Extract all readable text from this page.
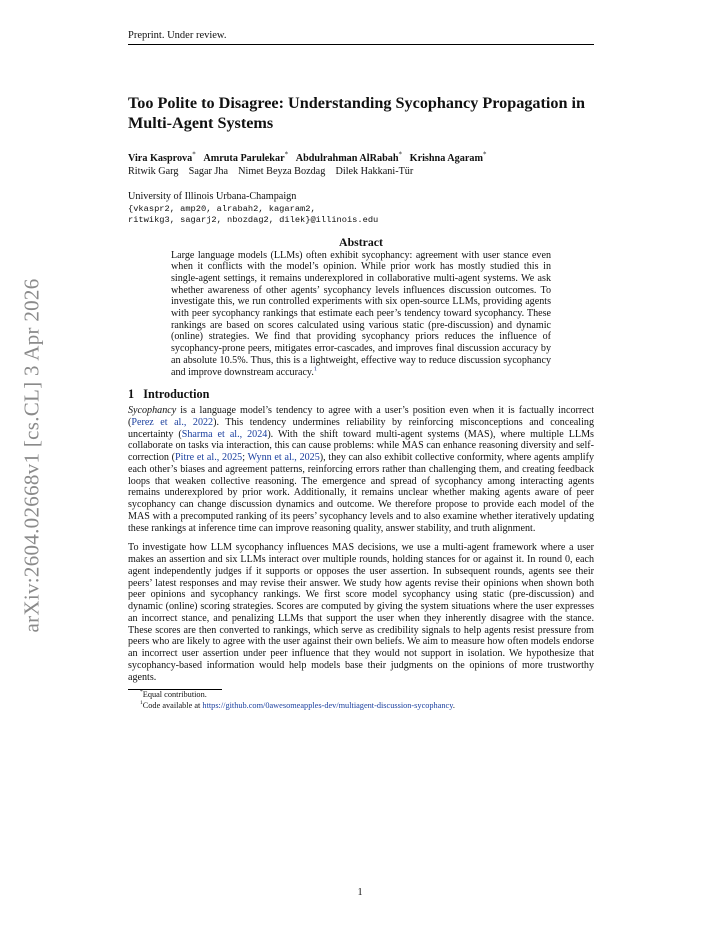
arXiv:2604.02668v1 [cs.CL] 3 Apr 2026
Preprint. Under review.
Too Polite to Disagree: Understanding Sycophancy Propagation in Multi-Agent Systems
Vira Kasprova* Amruta Parulekar* Abdulrahman AlRabah* Krishna Agaram*
Ritwik Garg Sagar Jha Nimet Beyza Bozdag Dilek Hakkani-Tür
University of Illinois Urbana-Champaign
{vkaspr2, amp20, alrabah2, kagaram2,
ritwikg3, sagarj2, nbozdag2, dilek}@illinois.edu
Abstract
Large language models (LLMs) often exhibit sycophancy: agreement with user stance even when it conflicts with the model’s opinion. While prior work has mostly studied this in single-agent settings, it remains underexplored in collaborative multi-agent systems. We ask whether awareness of other agents’ sycophancy levels influences discussion outcomes. To investigate this, we run controlled experiments with six open-source LLMs, providing agents with peer sycophancy rankings that estimate each peer’s tendency toward sycophancy. These rankings are based on scores calculated using various static (pre-discussion) and dynamic (online) strategies. We find that providing sycophancy priors reduces the influence of sycophancy-prone peers, mitigates error-cascades, and improves final discussion accuracy by an absolute 10.5%. Thus, this is a lightweight, effective way to reduce discussion sycophancy and improve downstream accuracy.$^1$
1 Introduction
Sycophancy is a language model’s tendency to agree with a user’s position even when it is factually incorrect (Perez et al., 2022). This tendency undermines reliability by reinforcing misconceptions and concealing uncertainty (Sharma et al., 2024). With the shift toward multi-agent systems (MAS), where multiple LLMs collaborate on tasks via interaction, this can cause problems: while MAS can enhance reasoning diversity and self-correction (Pitre et al., 2025; Wynn et al., 2025), they can also exhibit collective conformity, where agents amplify each other’s biases and agreement patterns, reinforcing errors rather than challenging them, and creating feedback loops that weaken collective reasoning. The emergence and spread of sycophancy among interacting agents remains underexplored by prior work. Additionally, it remains unclear whether making agents aware of peer sycophancy can change discussion dynamics and outcome. We therefore propose to provide each model of the MAS with a precomputed ranking of its peers’ sycophancy levels and to also examine whether iteratively updating these rankings at inference time can improve reasoning quality, answer stability, and truth alignment.
To investigate how LLM sycophancy influences MAS decisions, we use a multi-agent framework where a user makes an assertion and six LLMs interact over multiple rounds, holding stances for or against it. In round 0, each agent independently judges if it supports or opposes the user assertion. In subsequent rounds, agents see their peers’ latest responses and may revise their answer. We study how agents revise their opinions when shown both peer opinions and sycophancy rankings. We first score model sycophancy using static (pre-discussion) and dynamic (online) scoring strategies. Scores are computed by giving the system situations where the user expresses an incorrect stance, and penalizing LLMs that support the user when they inherently disagree with the stance. These scores are then converted to rankings, which serve as credibility signals to help agents resist pressure from peers who are likely to agree with the user against their own beliefs. We aim to measure how often models endorse an incorrect user assertion under peer influence that they would not support in isolation. We hypothesize that sycophancy-based information would help models base their judgments on the opinions of more trustworthy agents.
*Equal contribution.
$^1$Code available at https://github.com/0awesomeapples-dev/multiagent-discussion-sycophancy.
1
